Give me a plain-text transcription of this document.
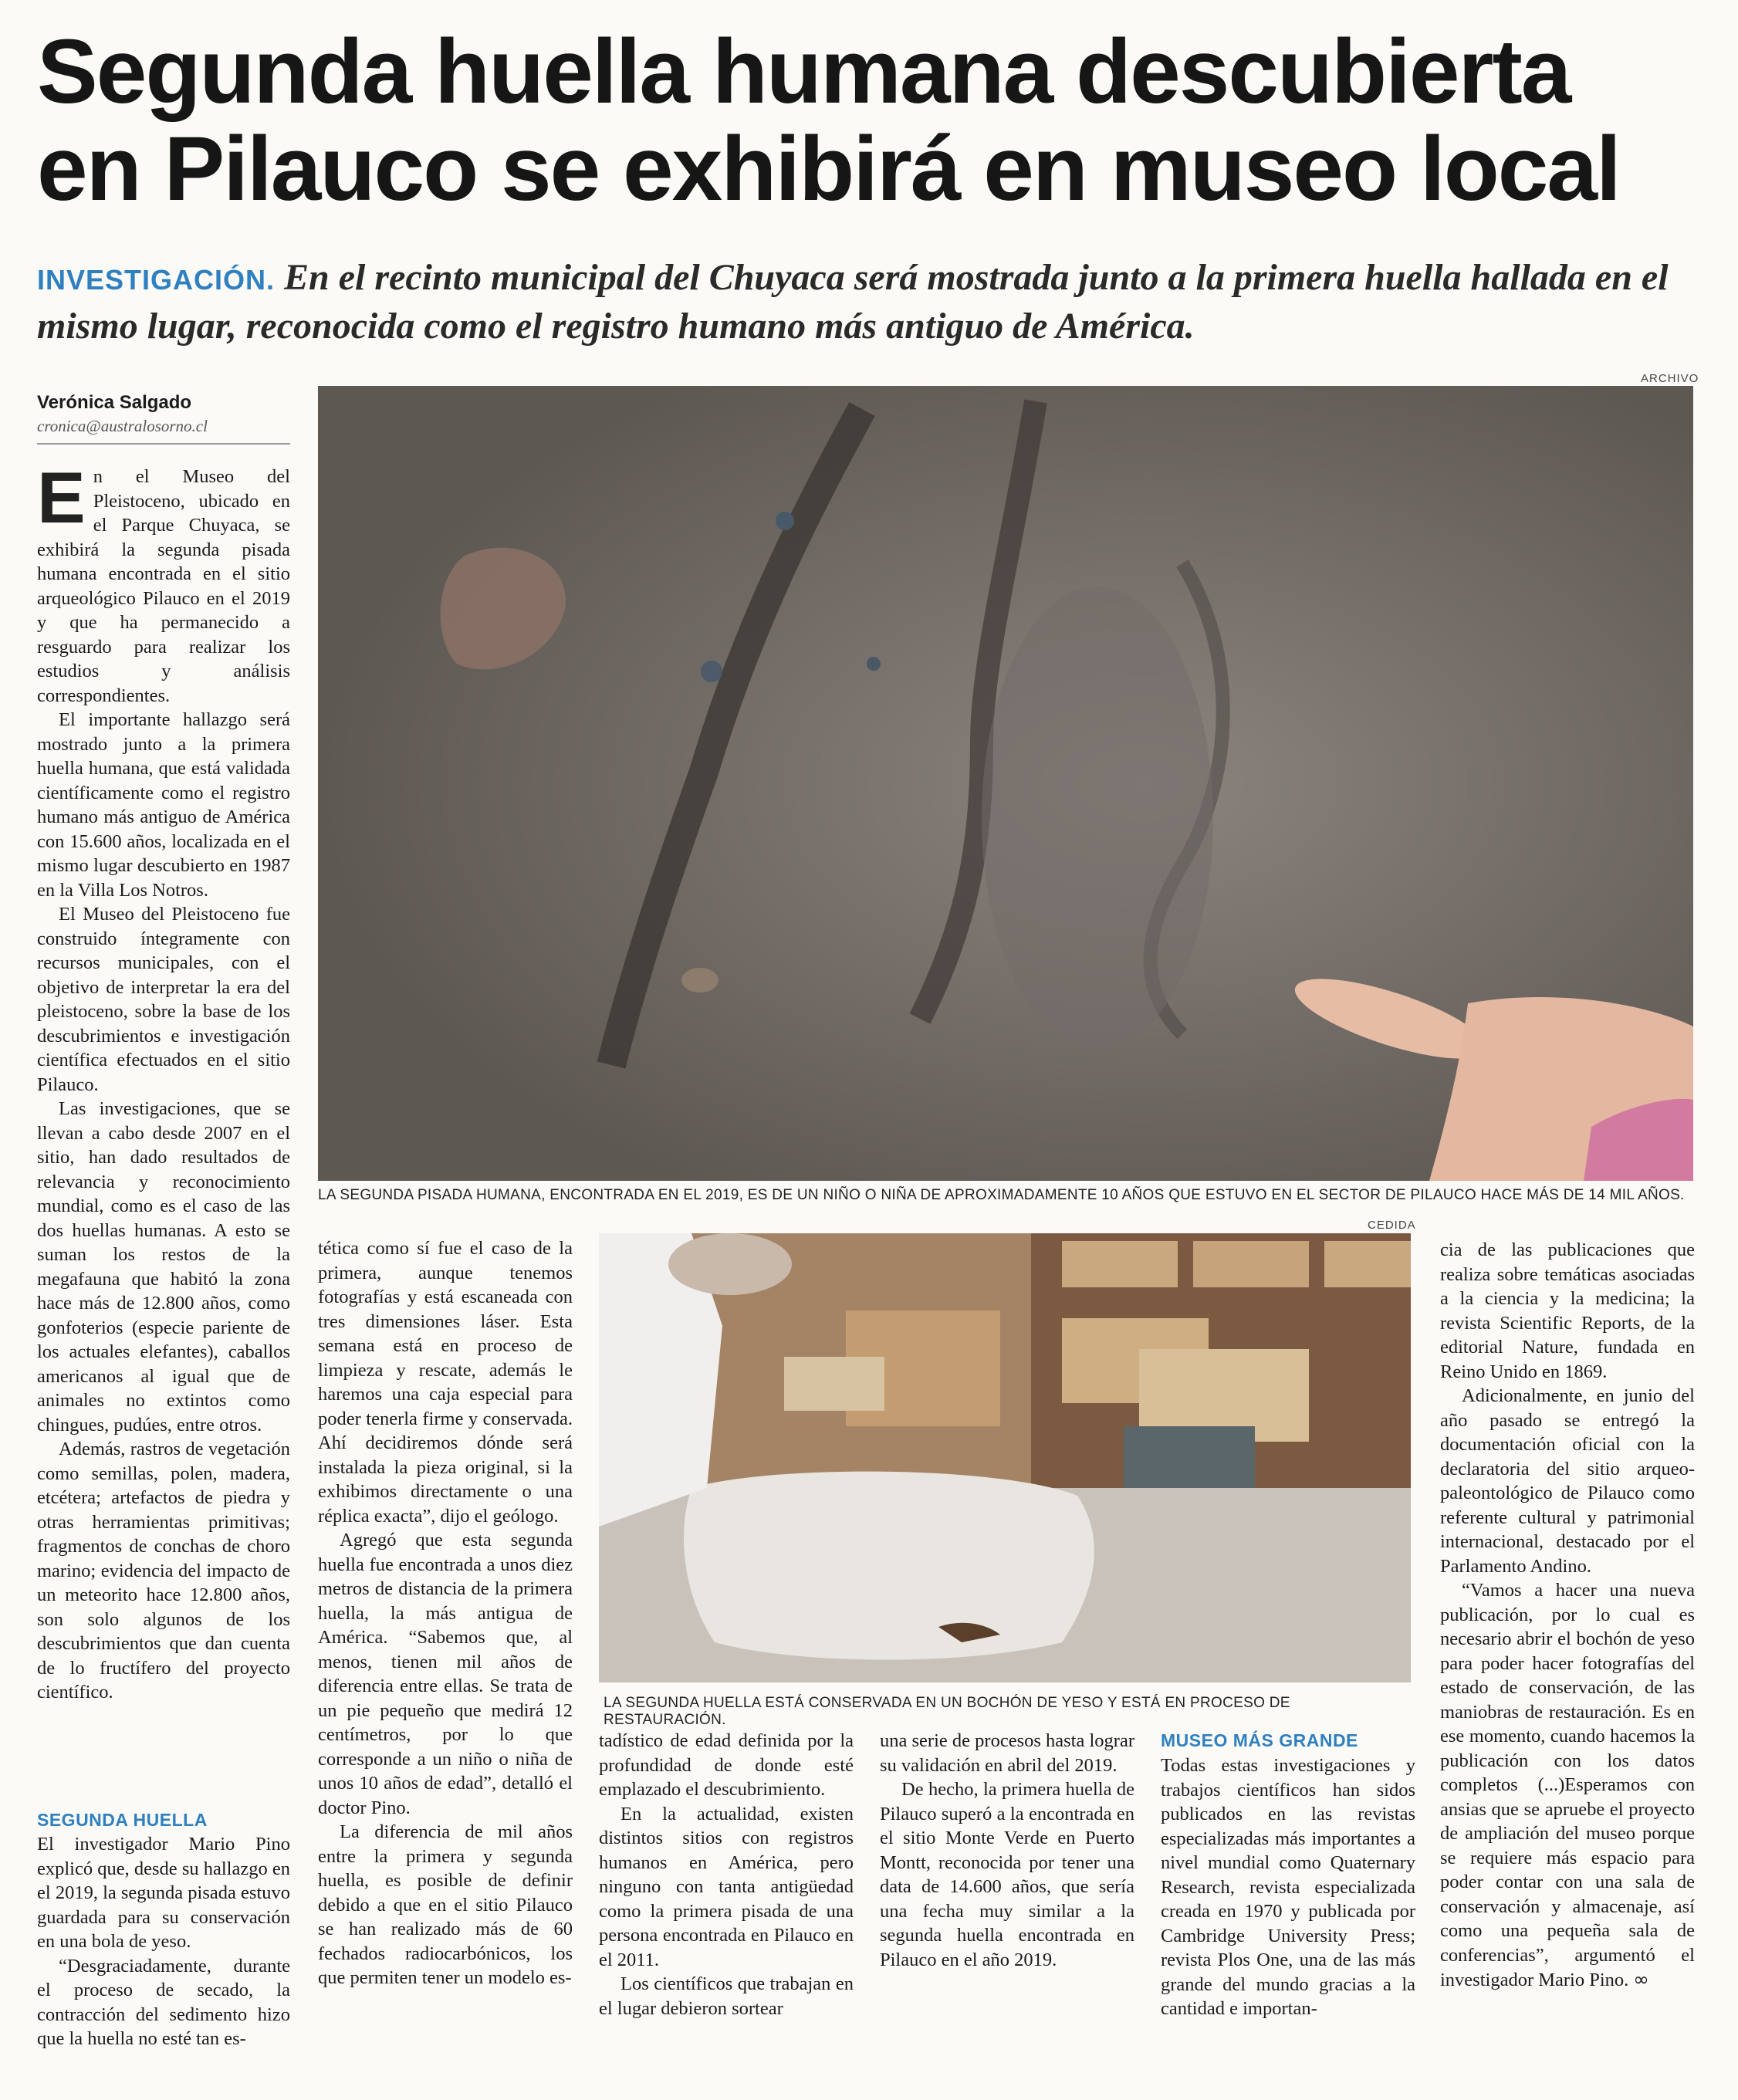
Segunda huella humana descubierta
en Pilauco se exhibirá en museo local
INVESTIGACIÓN. En el recinto municipal del Chuyaca será mostrada junto a la primera huella hallada en el mismo lugar, reconocida como el registro humano más antiguo de América.
Verónica Salgado
cronica@australosorno.cl
ARCHIVO
LA SEGUNDA PISADA HUMANA, ENCONTRADA EN EL 2019, ES DE UN NIÑO O NIÑA DE APROXIMADAMENTE 10 AÑOS QUE ESTUVO EN EL SECTOR DE PILAUCO HACE MÁS DE 14 MIL AÑOS.
CEDIDA
LA SEGUNDA HUELLA ESTÁ CONSERVADA EN UN BOCHÓN DE YESO Y ESTÁ EN PROCESO DE RESTAURACIÓN.

En el Museo del Pleistoceno, ubicado en el Parque Chuyaca, se exhibirá la segunda pisada humana encontrada en el sitio arqueológico Pilauco en el 2019 y que ha permanecido a resguardo para realizar los estudios y análisis correspondientes.

El importante hallazgo será mostrado junto a la primera huella humana, que está validada científicamente como el registro humano más antiguo de América con 15.600 años, localizada en el mismo lugar descubierto en 1987 en la Villa Los Notros.

El Museo del Pleistoceno fue construido íntegramente con recursos municipales, con el objetivo de interpretar la era del pleistoceno, sobre la base de los descubrimientos e investigación científica efectuados en el sitio Pilauco.

Las investigaciones, que se llevan a cabo desde 2007 en el sitio, han dado resultados de relevancia y reconocimiento mundial, como es el caso de las dos huellas humanas. A esto se suman los restos de la megafauna que habitó la zona hace más de 12.800 años, como gonfoterios (especie pariente de los actuales elefantes), caballos americanos al igual que de animales no extintos como chingues, pudúes, entre otros.

Además, rastros de vegetación como semillas, polen, madera, etcétera; artefactos de piedra y otras herramientas primitivas; fragmentos de conchas de choro marino; evidencia del impacto de un meteorito hace 12.800 años, son solo algunos de los descubrimientos que dan cuenta de lo fructífero del proyecto científico.

SEGUNDA HUELLA

El investigador Mario Pino explicó que, desde su hallazgo en el 2019, la segunda pisada estuvo guardada para su conservación en una bola de yeso.

“Desgraciadamente, durante el proceso de secado, la contracción del sedimento hizo que la huella no esté tan es-

tética como sí fue el caso de la primera, aunque tenemos fotografías y está escaneada con tres dimensiones láser. Esta semana está en proceso de limpieza y rescate, además le haremos una caja especial para poder tenerla firme y conservada. Ahí decidiremos dónde será instalada la pieza original, si la exhibimos directamente o una réplica exacta”, dijo el geólogo.

Agregó que esta segunda huella fue encontrada a unos diez metros de distancia de la primera huella, la más antigua de América. “Sabemos que, al menos, tienen mil años de diferencia entre ellas. Se trata de un pie pequeño que medirá 12 centímetros, por lo que corresponde a un niño o niña de unos 10 años de edad”, detalló el doctor Pino.

La diferencia de mil años entre la primera y segunda huella, es posible de definir debido a que en el sitio Pilauco se han realizado más de 60 fechados radiocarbónicos, los que permiten tener un modelo es-

tadístico de edad definida por la profundidad de donde esté emplazado el descubrimiento.

En la actualidad, existen distintos sitios con registros humanos en América, pero ninguno con tanta antigüedad como la primera pisada de una persona encontrada en Pilauco en el 2011.

Los científicos que trabajan en el lugar debieron sortear

una serie de procesos hasta lograr su validación en abril del 2019.

De hecho, la primera huella de Pilauco superó a la encontrada en el sitio Monte Verde en Puerto Montt, reconocida por tener una data de 14.600 años, que sería una fecha muy similar a la segunda huella encontrada en Pilauco en el año 2019.

MUSEO MÁS GRANDE

Todas estas investigaciones y trabajos científicos han sidos publicados en las revistas especializadas más importantes a nivel mundial como Quaternary Research, revista especializada creada en 1970 y publicada por Cambridge University Press; revista Plos One, una de las más grande del mundo gracias a la cantidad e importan-

cia de las publicaciones que realiza sobre temáticas asociadas a la ciencia y la medicina; la revista Scientific Reports, de la editorial Nature, fundada en Reino Unido en 1869.

Adicionalmente, en junio del año pasado se entregó la documentación oficial con la declaratoria del sitio arqueo-paleontológico de Pilauco como referente cultural y patrimonial internacional, destacado por el Parlamento Andino.

“Vamos a hacer una nueva publicación, por lo cual es necesario abrir el bochón de yeso para poder hacer fotografías del estado de conservación, de las maniobras de restauración. Es en ese momento, cuando hacemos la publicación con los datos completos (...)Esperamos con ansias que se apruebe el proyecto de ampliación del museo porque se requiere más espacio para poder contar con una sala de conservación y almacenaje, así como una pequeña sala de conferencias”, argumentó el investigador Mario Pino. ∞
